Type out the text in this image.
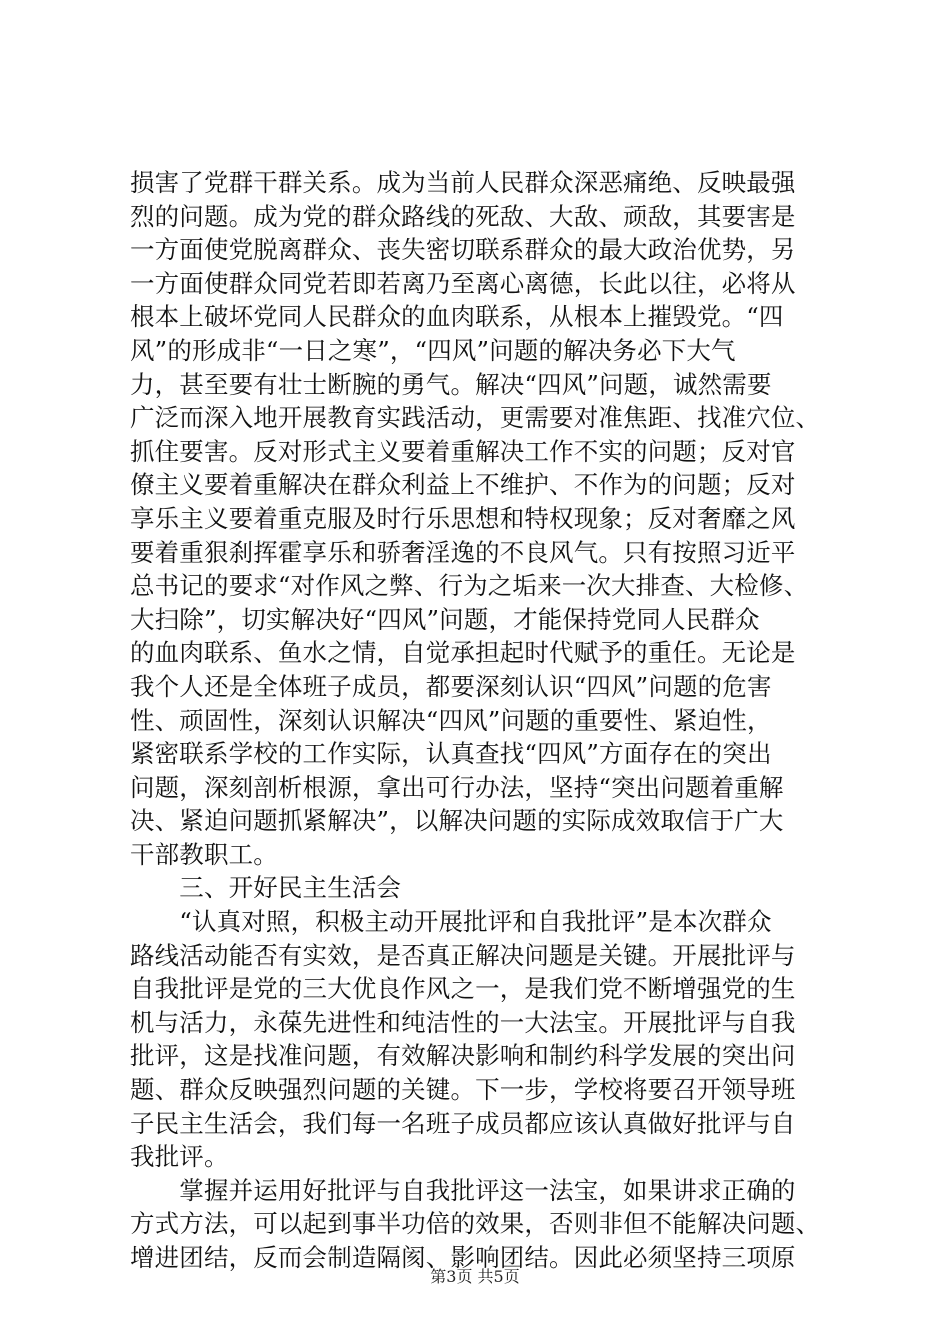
损害了党群干群关系。成为当前人民群众深恶痛绝、反映最强
烈的问题。成为党的群众路线的死敌、大敌、顽敌，其要害是
一方面使党脱离群众、丧失密切联系群众的最大政治优势，另
一方面使群众同党若即若离乃至离心离德，长此以往，必将从
根本上破坏党同人民群众的血肉联系，从根本上摧毁党。“四
风”的形成非“一日之寒”，“四风”问题的解决务必下大气
力，甚至要有壮士断腕的勇气。解决“四风”问题，诚然需要
广泛而深入地开展教育实践活动，更需要对准焦距、找准穴位、
抓住要害。反对形式主义要着重解决工作不实的问题；反对官
僚主义要着重解决在群众利益上不维护、不作为的问题；反对
享乐主义要着重克服及时行乐思想和特权现象；反对奢靡之风
要着重狠刹挥霍享乐和骄奢淫逸的不良风气。只有按照习近平
总书记的要求“对作风之弊、行为之垢来一次大排查、大检修、
大扫除”，切实解决好“四风”问题，才能保持党同人民群众
的血肉联系、鱼水之情，自觉承担起时代赋予的重任。无论是
我个人还是全体班子成员，都要深刻认识“四风”问题的危害
性、顽固性，深刻认识解决“四风”问题的重要性、紧迫性，
紧密联系学校的工作实际，认真查找“四风”方面存在的突出
问题，深刻剖析根源，拿出可行办法，坚持“突出问题着重解
决、紧迫问题抓紧解决”，以解决问题的实际成效取信于广大
干部教职工。
　　三、开好民主生活会
　　“认真对照，积极主动开展批评和自我批评”是本次群众
路线活动能否有实效，是否真正解决问题是关键。开展批评与
自我批评是党的三大优良作风之一，是我们党不断增强党的生
机与活力，永葆先进性和纯洁性的一大法宝。开展批评与自我
批评，这是找准问题，有效解决影响和制约科学发展的突出问
题、群众反映强烈问题的关键。下一步，学校将要召开领导班
子民主生活会，我们每一名班子成员都应该认真做好批评与自
我批评。
　　掌握并运用好批评与自我批评这一法宝，如果讲求正确的
方式方法，可以起到事半功倍的效果，否则非但不能解决问题、
增进团结，反而会制造隔阂、影响团结。因此必须坚持三项原
第3页 共5页
